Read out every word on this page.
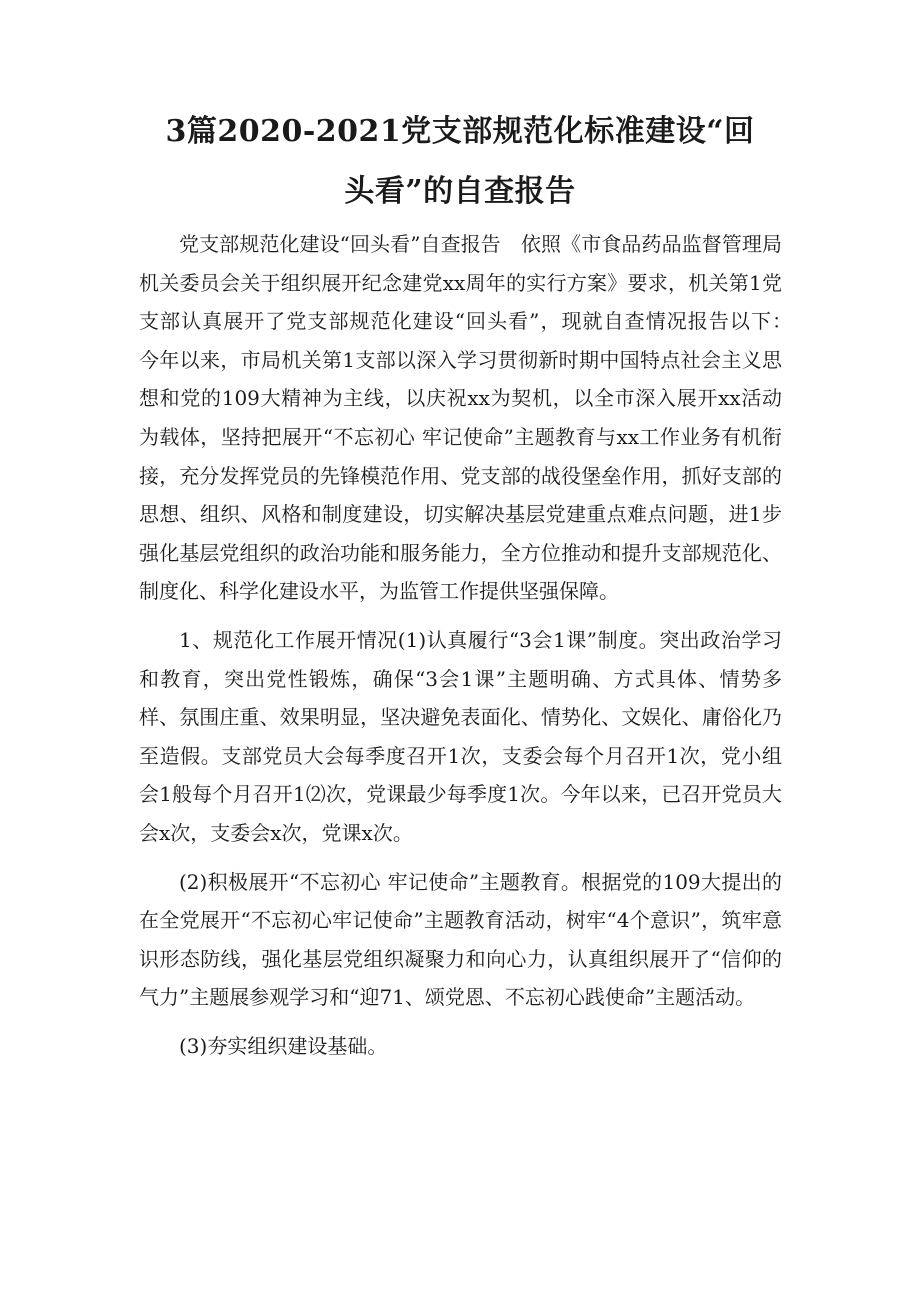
3篇2020-2021党支部规范化标准建设“回
头看”的自查报告

党支部规范化建设“回头看”自查报告　依照《市食品药品监督管理局机关委员会关于组织展开纪念建党xx周年的实行方案》要求，机关第1党支部认真展开了党支部规范化建设“回头看”，现就自查情况报告以下：　今年以来，市局机关第1支部以深入学习贯彻新时期中国特点社会主义思想和党的109大精神为主线，以庆祝xx为契机，以全市深入展开xx活动为载体，坚持把展开“不忘初心 牢记使命”主题教育与xx工作业务有机衔接，充分发挥党员的先锋模范作用、党支部的战役堡垒作用，抓好支部的思想、组织、风格和制度建设，切实解决基层党建重点难点问题，进1步强化基层党组织的政治功能和服务能力，全方位推动和提升支部规范化、制度化、科学化建设水平，为监管工作提供坚强保障。

1、规范化工作展开情况(1)认真履行“3会1课”制度。突出政治学习和教育，突出党性锻炼，确保“3会1课”主题明确、方式具体、情势多样、氛围庄重、效果明显，坚决避免表面化、情势化、文娱化、庸俗化乃至造假。支部党员大会每季度召开1次，支委会每个月召开1次，党小组会1般每个月召开1⑵次，党课最少每季度1次。今年以来，已召开党员大会x次，支委会x次，党课x次。

(2)积极展开“不忘初心 牢记使命”主题教育。根据党的109大提出的在全党展开“不忘初心牢记使命”主题教育活动，树牢“4个意识”，筑牢意识形态防线，强化基层党组织凝聚力和向心力，认真组织展开了“信仰的气力”主题展参观学习和“迎71、颂党恩、不忘初心践使命”主题活动。

(3)夯实组织建设基础。
